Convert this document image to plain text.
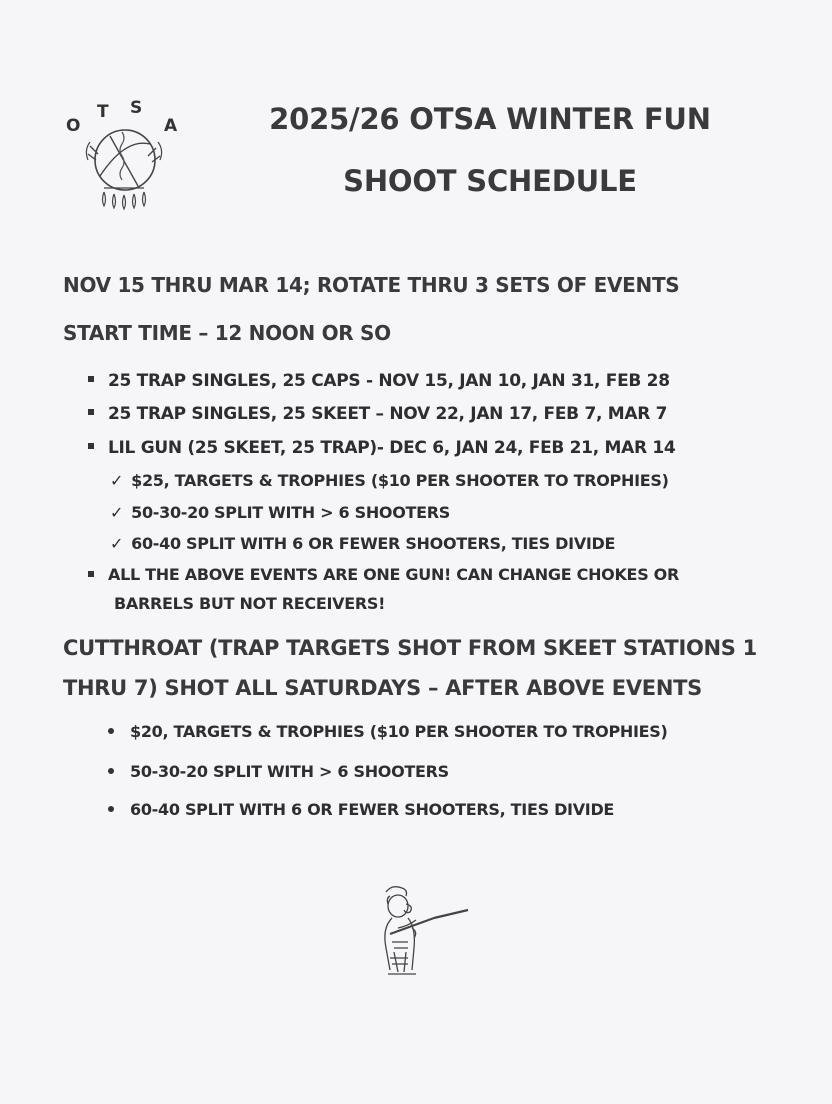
O
T S
A	2025/26 OTSA WINTER FUN
SHOOT SCHEDULE
NOV 15 THRU MAR 14; ROTATE THRU 3 SETS OF EVENTS
START TIME – 12 NOON OR SO
25 TRAP SINGLES, 25 CAPS - NOV 15, JAN 10, JAN 31, FEB 28
25 TRAP SINGLES, 25 SKEET – NOV 22, JAN 17, FEB 7, MAR 7
LIL GUN (25 SKEET, 25 TRAP)- DEC 6, JAN 24, FEB 21, MAR 14
✓ $25, TARGETS & TROPHIES ($10 PER SHOOTER TO TROPHIES)
✓ 50-30-20 SPLIT WITH > 6 SHOOTERS
✓ 60-40 SPLIT WITH 6 OR FEWER SHOOTERS, TIES DIVIDE
ALL THE ABOVE EVENTS ARE ONE GUN! CAN CHANGE CHOKES OR
BARRELS BUT NOT RECEIVERS!
CUTTHROAT (TRAP TARGETS SHOT FROM SKEET STATIONS 1
THRU 7) SHOT ALL SATURDAYS – AFTER ABOVE EVENTS
$20, TARGETS & TROPHIES ($10 PER SHOOTER TO TROPHIES)
50-30-20 SPLIT WITH > 6 SHOOTERS
60-40 SPLIT WITH 6 OR FEWER SHOOTERS, TIES DIVIDE
